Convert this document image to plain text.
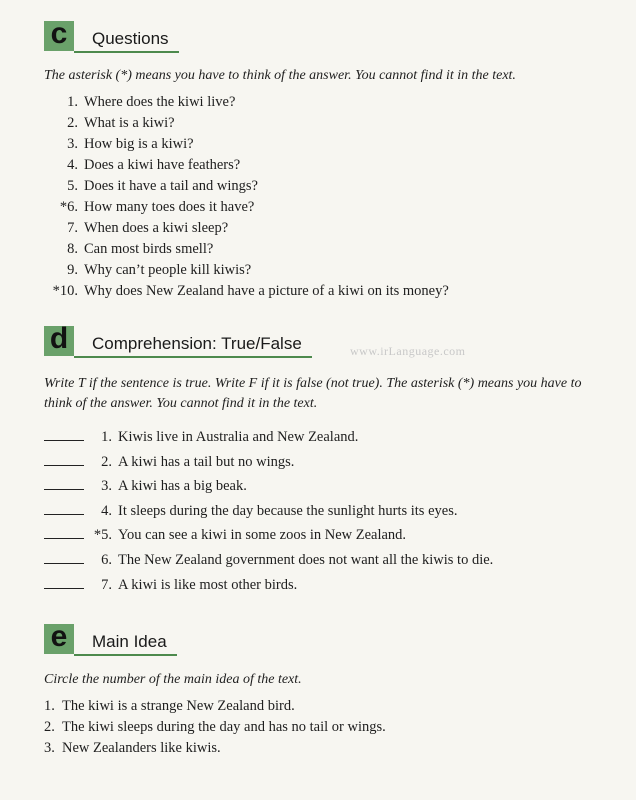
c	Questions
The asterisk (*) means you have to think of the answer. You cannot find it in the text.
1. Where does the kiwi live?
2. What is a kiwi?
3. How big is a kiwi?
4. Does a kiwi have feathers?
5. Does it have a tail and wings?
*6. How many toes does it have?
7. When does a kiwi sleep?
8. Can most birds smell?
9. Why can’t people kill kiwis?
*10. Why does New Zealand have a picture of a kiwi on its money?
d	Comprehension: True/False	www.irLanguage.com
Write T if the sentence is true. Write F if it is false (not true). The asterisk (*) means you have to think of the answer. You cannot find it in the text.
1. Kiwis live in Australia and New Zealand.
2. A kiwi has a tail but no wings.
3. A kiwi has a big beak.
4. It sleeps during the day because the sunlight hurts its eyes.
*5. You can see a kiwi in some zoos in New Zealand.
6. The New Zealand government does not want all the kiwis to die.
7. A kiwi is like most other birds.
e	Main Idea
Circle the number of the main idea of the text.
1. The kiwi is a strange New Zealand bird.
2. The kiwi sleeps during the day and has no tail or wings.
3. New Zealanders like kiwis.
